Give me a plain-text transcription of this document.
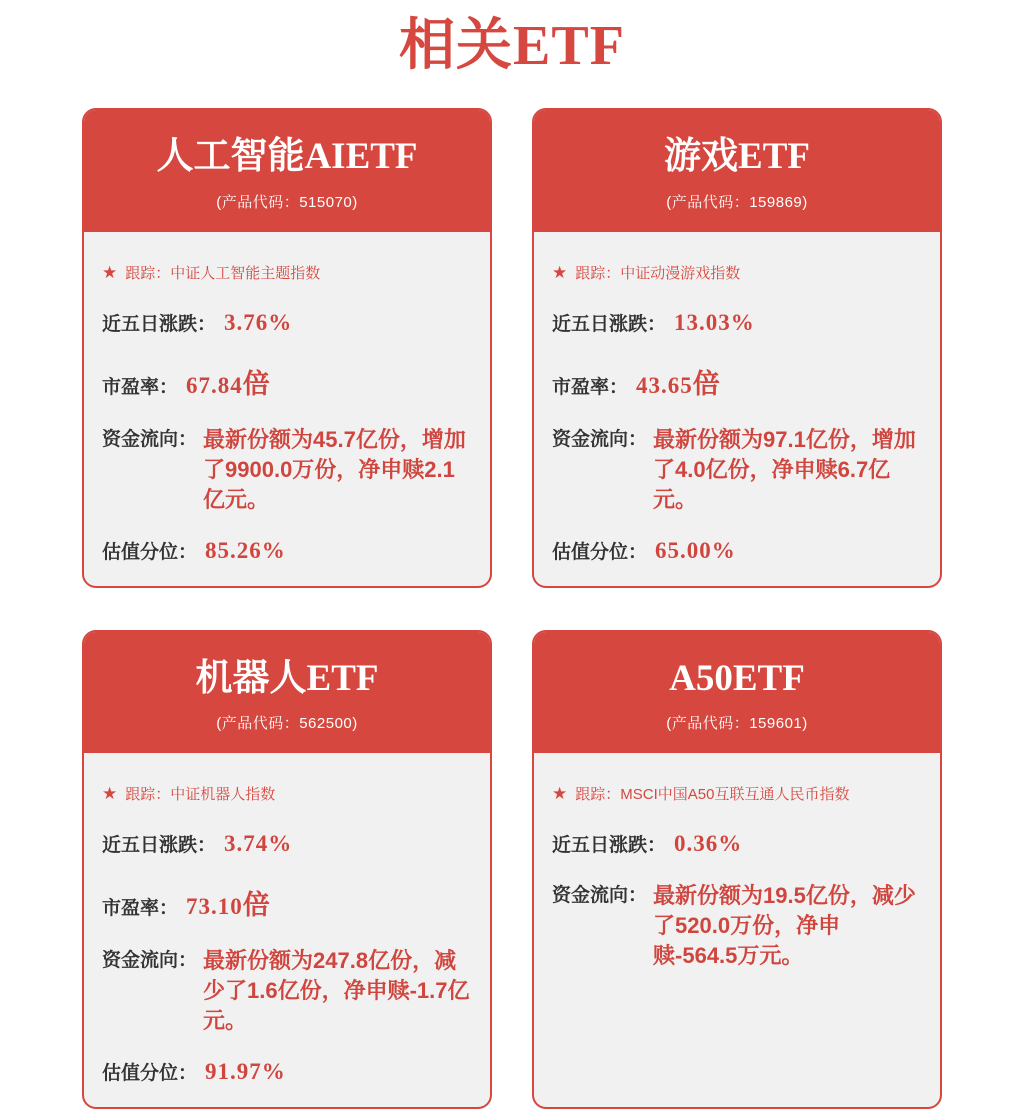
相关ETF
人工智能AIETF
(产品代码：515070)
★ 跟踪： 中证人工智能主题指数
近五日涨跌： 3.76%
市盈率： 67.84倍
资金流向： 最新份额为45.7亿份，增加了9900.0万份，净申赎2.1亿元。
估值分位： 85.26%
游戏ETF
(产品代码：159869)
★ 跟踪： 中证动漫游戏指数
近五日涨跌： 13.03%
市盈率： 43.65倍
资金流向： 最新份额为97.1亿份，增加了4.0亿份，净申赎6.7亿元。
估值分位： 65.00%
机器人ETF
(产品代码：562500)
★ 跟踪： 中证机器人指数
近五日涨跌： 3.74%
市盈率： 73.10倍
资金流向： 最新份额为247.8亿份，减少了1.6亿份，净申赎-1.7亿元。
估值分位： 91.97%
A50ETF
(产品代码：159601)
★ 跟踪： MSCI中国A50互联互通人民币指数
近五日涨跌： 0.36%
资金流向： 最新份额为19.5亿份，减少了520.0万份，净申赎-564.5万元。
